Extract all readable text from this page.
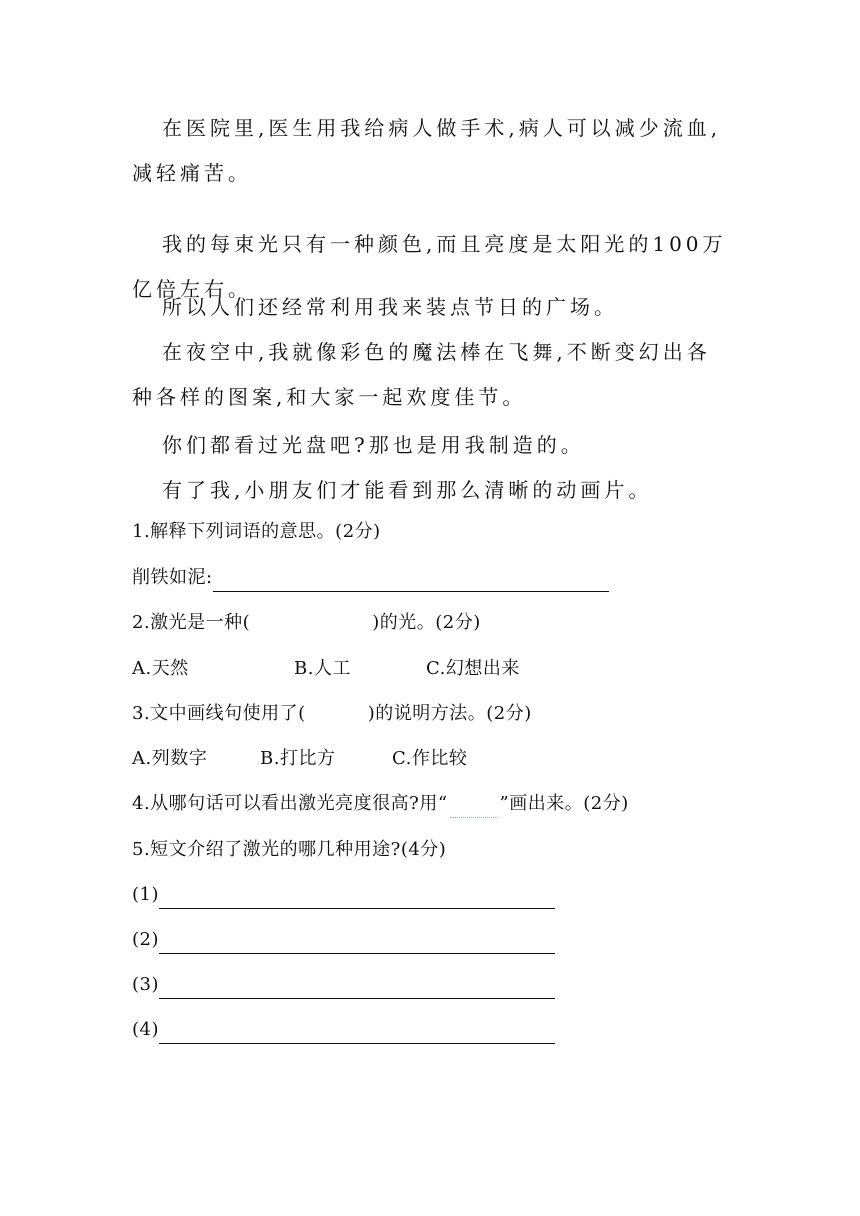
在医院里,医生用我给病人做手术,病人可以减少流血,减轻痛苦。

我的每束光只有一种颜色,而且亮度是太阳光的100万亿倍左右。

所以人们还经常利用我来装点节日的广场。

在夜空中,我就像彩色的魔法棒在飞舞,不断变幻出各种各样的图案,和大家一起欢度佳节。

你们都看过光盘吧?那也是用我制造的。

有了我,小朋友们才能看到那么清晰的动画片。

1.解释下列词语的意思。(2分)
削铁如泥:
2.激光是一种(	)的光。(2分)
A.天然	B.人工	C.幻想出来
3.文中画线句使用了(	)的说明方法。(2分)
A.列数字	B.打比方	C.作比较
4.从哪句话可以看出激光亮度很高?用“	”画出来。(2分)
5.短文介绍了激光的哪几种用途?(4分)
(1)
(2)
(3)
(4)
